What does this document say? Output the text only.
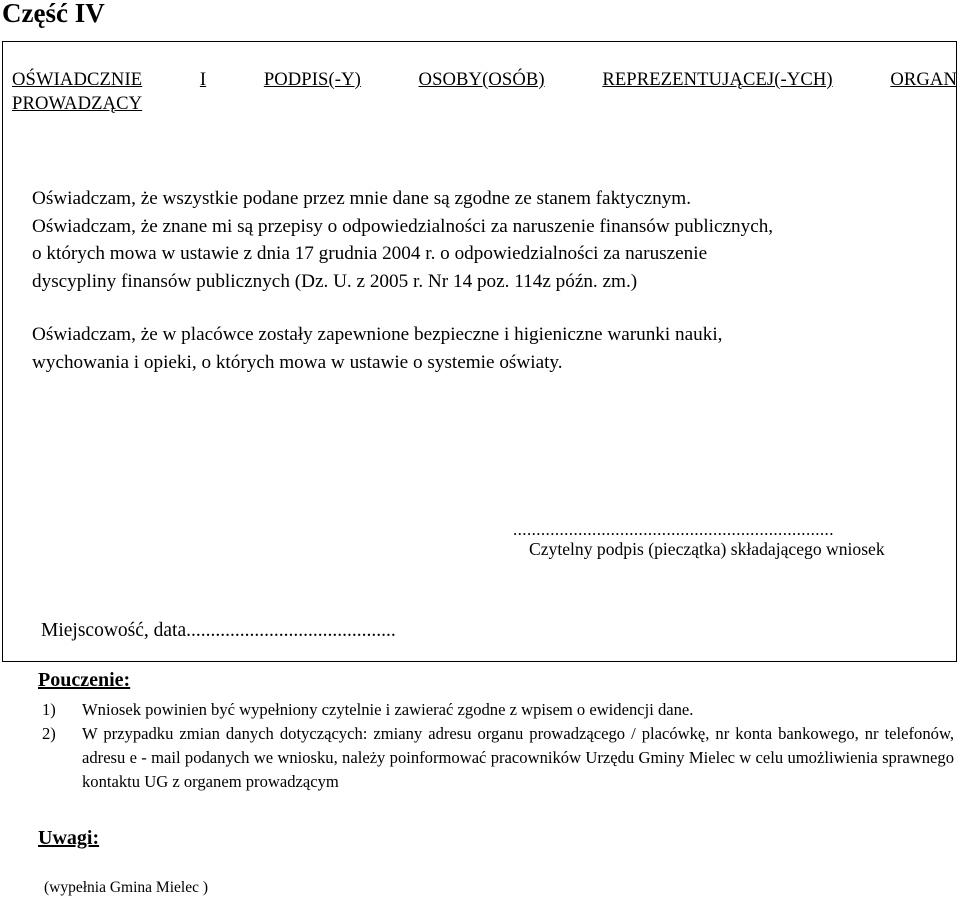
Część IV
OŚWIADCZNIE	I	PODPIS(-Y)	OSOBY(OSÓB)	REPREZENTUJĄCEJ(-YCH)	ORGAN
PROWADZĄCY
Oświadczam, że wszystkie podane przez mnie dane są zgodne ze stanem faktycznym.
Oświadczam, że znane mi są przepisy o odpowiedzialności za naruszenie finansów publicznych,
o których mowa w ustawie z dnia 17 grudnia 2004 r. o odpowiedzialności za naruszenie
dyscypliny finansów publicznych (Dz. U. z 2005 r. Nr 14 poz. 114z późn. zm.)
Oświadczam, że w placówce zostały zapewnione bezpieczne i higieniczne warunki nauki,
wychowania i opieki, o których mowa w ustawie o systemie oświaty.
.....................................................................
Czytelny podpis (pieczątka) składającego wniosek
Miejscowość, data...........................................
Pouczenie:
1)	Wniosek powinien być wypełniony czytelnie i zawierać zgodne z wpisem o ewidencji dane.
2)	W przypadku zmian danych dotyczących: zmiany adresu organu prowadzącego / placówkę, nr konta bankowego, nr telefonów, adresu e - mail podanych we wniosku, należy poinformować pracowników Urzędu Gminy Mielec w celu umożliwienia sprawnego kontaktu UG z organem prowadzącym
Uwagi:
(wypełnia Gmina Mielec )
